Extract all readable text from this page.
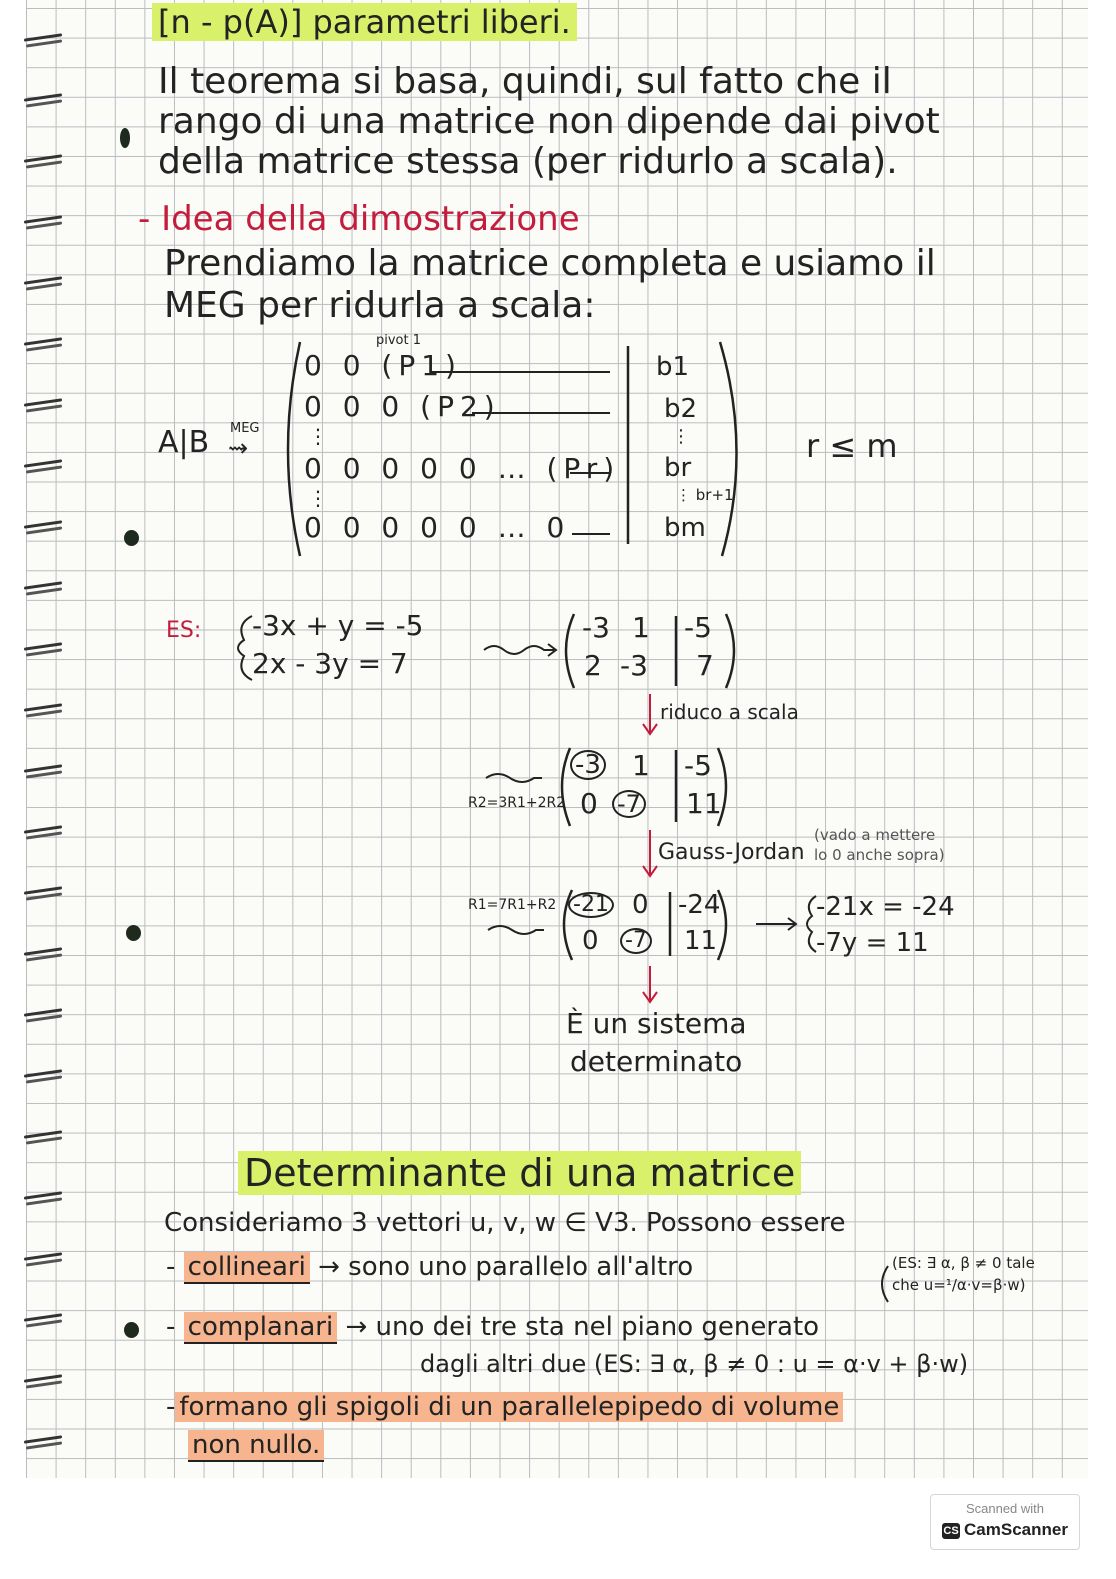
[n - p(A)] parametri liberi.
Il teorema si basa, quindi, sul fatto che il
rango di una matrice non dipende dai pivot
della matrice stessa (per ridurlo a scala).
- Idea della dimostrazione
Prendiamo la matrice completa e usiamo il
MEG per ridurla a scala:
A|B MEG
⇝
pivot 1
0 0 (P1)
0 0 0 (P2)
⋮
0 0 0 0 0 … (Pr)
⋮
0 0 0 0 0 … 0
b1
b2
⋮
br
⋮ br+1
bm
r ≤ m
ES: -3x + y = -5
2x - 3y = 7
-3 1 -5
2 -3 7
riduco a scala
R2=3R1+2R2
-3 1 -5
0 -7 11
Gauss-Jordan
(vado a mettere
lo 0 anche sopra)
R1=7R1+R2 -21 0 -24
0 -7 11
-21x = -24
-7y = 11
È un sistema
determinato
Determinante di una matrice
Consideriamo 3 vettori u, v, w ∈ V3. Possono essere
- collineari → sono uno parallelo all'altro	(ES: ∃ α, β ≠ 0 tale
che u=¹/α·v=β·w)
- complanari → uno dei tre sta nel piano generato
dagli altri due (ES: ∃ α, β ≠ 0 : u = α·v + β·w)
- formano gli spigoli di un parallelepipedo di volume
non nullo.
Scanned with
CS CamScanner
